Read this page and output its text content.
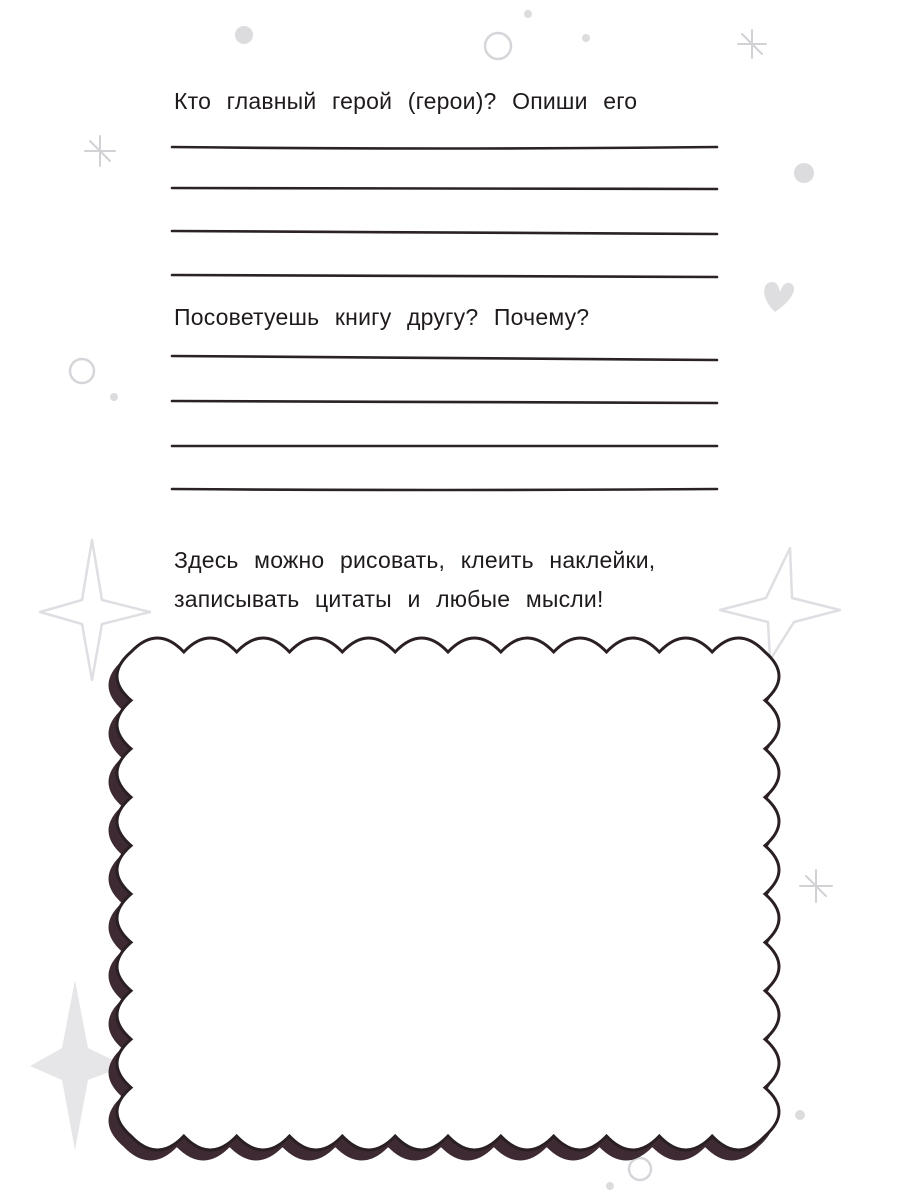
Кто главный герой (герои)? Опиши его
Посоветуешь книгу другу? Почему?

Здесь можно рисовать, клеить наклейки,

записывать цитаты и любые мысли!
